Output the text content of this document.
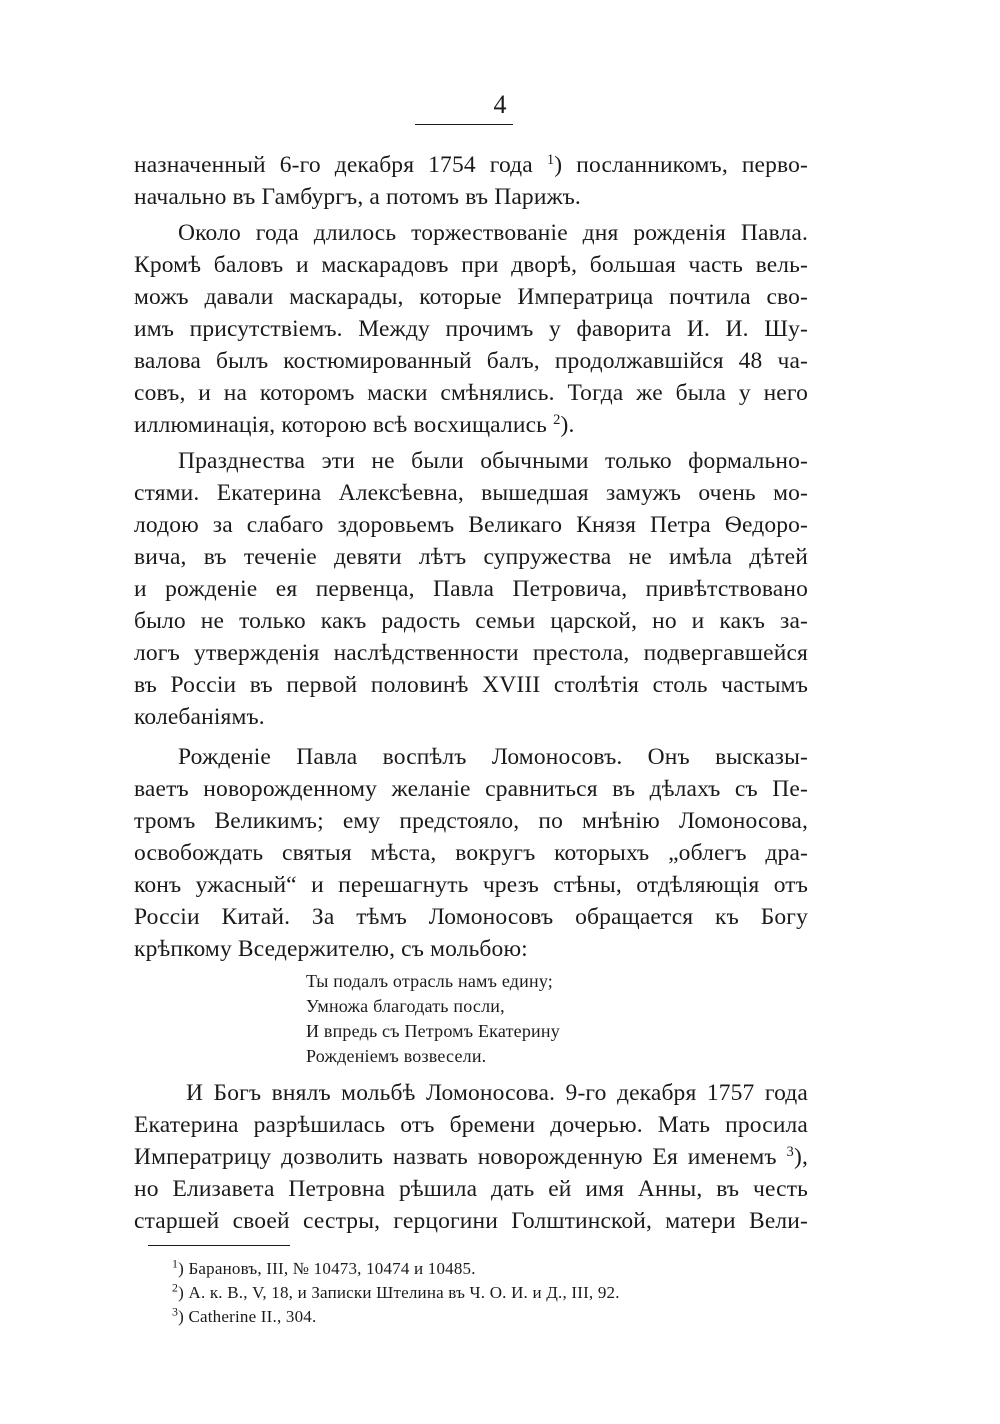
4
назначенный 6-го декабря 1754 года $^1$) посланникомъ, перво-
начально въ Гамбургъ, а потомъ въ Парижъ.
Около года длилось торжествованіе дня рожденія Павла.
Кромѣ баловъ и маскарадовъ при дворѣ, большая часть вель-
можъ давали маскарады, которые Императрица почтила сво-
имъ присутствіемъ. Между прочимъ у фаворита И. И. Шу-
валова былъ костюмированный балъ, продолжавшійся 48 ча-
совъ, и на которомъ маски смѣнялись. Тогда же была у него
иллюминація, которою всѣ восхищались $^2$).
Празднества эти не были обычными только формально-
стями. Екатерина Алексѣевна, вышедшая замужъ очень мо-
лодою за слабаго здоровьемъ Великаго Князя Петра Ѳедоро-
вича, въ теченіе девяти лѣтъ супружества не имѣла дѣтей
и рожденіе ея первенца, Павла Петровича, привѣтствовано
было не только какъ радость семьи царской, но и какъ за-
логъ утвержденія наслѣдственности престола, подвергавшейся
въ Россіи въ первой половинѣ XVIII столѣтія столь частымъ
колебаніямъ.
Рожденіе Павла воспѣлъ Ломоносовъ. Онъ высказы-
ваетъ новорожденному желаніе сравниться въ дѣлахъ съ Пе-
тромъ Великимъ; ему предстояло, по мнѣнію Ломоносова,
освобождать святыя мѣста, вокругъ которыхъ „облегъ дра-
конъ ужасный“ и перешагнуть чрезъ стѣны, отдѣляющія отъ
Россіи Китай. За тѣмъ Ломоносовъ обращается къ Богу
крѣпкому Вседержителю, съ мольбою:
Ты подалъ отрасль намъ едину;
Умножа благодать посли,
И впредь съ Петромъ Екатерину
Рожденіемъ возвесели.
И Богъ внялъ мольбѣ Ломоносова. 9-го декабря 1757 года
Екатерина разрѣшилась отъ бремени дочерью. Мать просила
Императрицу дозволить назвать новорожденную Ея именемъ $^3$),
но Елизавета Петровна рѣшила дать ей имя Анны, въ честь
старшей своей сестры, герцогини Голштинской, матери Вели-
$^1$) Барановъ, III, № 10473, 10474 и 10485.
$^2$) А. к. В., V, 18, и Записки Штелина въ Ч. О. И. и Д., III, 92.
$^3$) Catherine II., 304.
